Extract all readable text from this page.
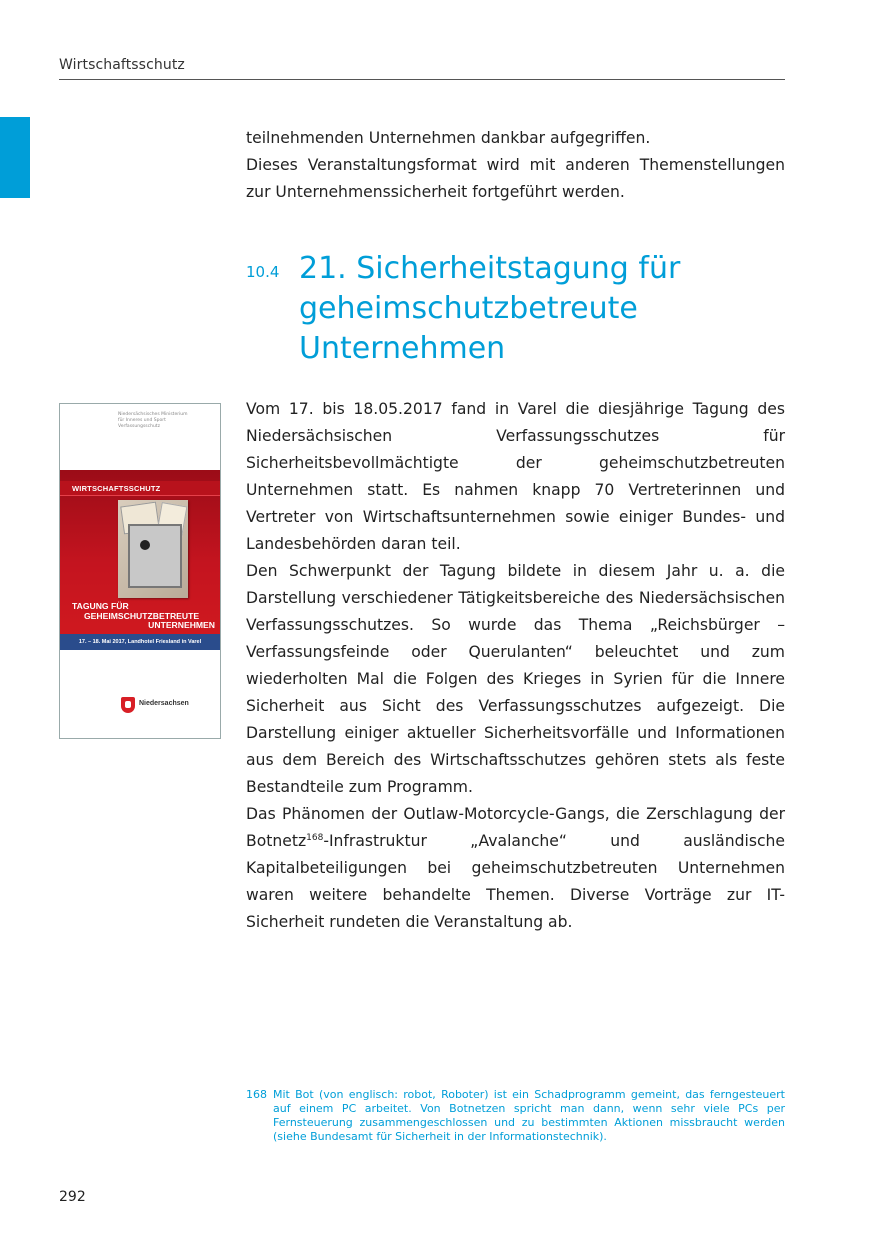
Wirtschaftsschutz

teilnehmenden Unternehmen dankbar aufgegriffen.

Dieses Veranstaltungsformat wird mit anderen Themenstellungen zur Unternehmenssicherheit fortgeführt werden.

10.4 21. Sicherheitstagung für geheimschutzbetreute Unternehmen
Niedersächsisches Ministerium
für Inneres und Sport
Verfassungsschutz
WIRTSCHAFTSSCHUTZ
TAGUNG FÜR
GEHEIMSCHUTZBETREUTE
UNTERNEHMEN
17. – 18. Mai 2017, Landhotel Friesland in Varel
Niedersachsen

Vom 17. bis 18.05.2017 fand in Varel die diesjährige Tagung des Niedersächsischen Verfassungsschutzes für Sicherheitsbevollmächtigte der geheimschutzbetreuten Unternehmen statt. Es nahmen knapp 70 Vertreterinnen und Vertreter von Wirtschaftsunternehmen sowie einiger Bundes- und Landesbehörden daran teil.

Den Schwerpunkt der Tagung bildete in diesem Jahr u. a. die Darstellung verschiedener Tätigkeitsbereiche des Niedersächsischen Verfassungsschutzes. So wurde das Thema „Reichsbürger – Verfassungsfeinde oder Querulanten“ beleuchtet und zum wiederholten Mal die Folgen des Krieges in Syrien für die Innere Sicherheit aus Sicht des Verfassungsschutzes aufgezeigt. Die Darstellung einiger aktueller Sicherheitsvorfälle und Informationen aus dem Bereich des Wirtschaftsschutzes gehören stets als feste Bestandteile zum Programm.

Das Phänomen der Outlaw-Motorcycle-Gangs, die Zerschlagung der Botnetz$^{168}$-Infrastruktur „Avalanche“ und ausländische Kapitalbeteiligungen bei geheimschutzbetreuten Unternehmen waren weitere behandelte Themen. Diverse Vorträge zur IT-Sicherheit rundeten die Veranstaltung ab.

168 Mit Bot (von englisch: robot, Roboter) ist ein Schadprogramm gemeint, das ferngesteuert auf einem PC arbeitet. Von Botnetzen spricht man dann, wenn sehr viele PCs per Fernsteuerung zusammengeschlossen und zu bestimmten Aktionen missbraucht werden (siehe Bundesamt für Sicherheit in der Informationstechnik).
292
